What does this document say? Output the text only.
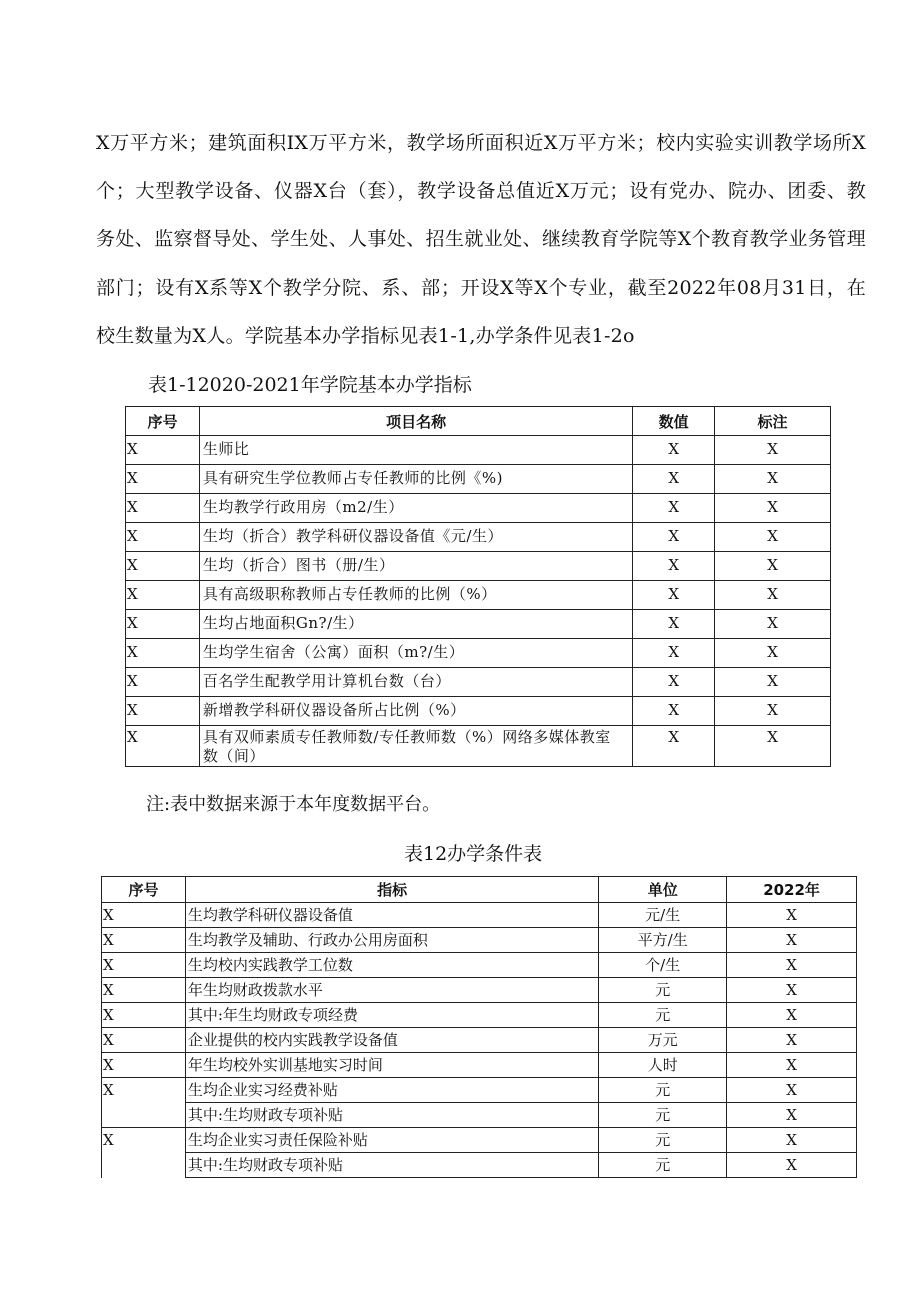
X万平方米；建筑面积IX万平方米，教学场所面积近X万平方米；校内实验实训教学场所X个；大型教学设备、仪器X台（套），教学设备总值近X万元；设有党办、院办、团委、教务处、监察督导处、学生处、人事处、招生就业处、继续教育学院等X个教育教学业务管理部门；设有X系等X个教学分院、系、部；开设X等X个专业，截至2022年08月31日，在校生数量为X人。学院基本办学指标见表1-1,办学条件见表1-2o
表1-12020-2021年学院基本办学指标
序号	项目名称	数值	标注
X	生师比	X	X
X	具有研究生学位教师占专任教师的比例《%)	X	X
X	生均教学行政用房（m2/生）	X	X
X	生均（折合）教学科研仪器设备值《元/生）	X	X
X	生均（折合）图书（册/生）	X	X
X	具有高级职称教师占专任教师的比例（%）	X	X
X	生均占地面积Gn?/生）	X	X
X	生均学生宿舍（公寓）面积（m?/生）	X	X
X	百名学生配教学用计算机台数（台）	X	X
X	新增教学科研仪器设备所占比例（%）	X	X
X	具有双师素质专任教师数/专任教师数（%）网络多媒体教室数（间）	X	X
注:表中数据来源于本年度数据平台。
表12办学条件表
序号	指标	单位	2022年
X	生均教学科研仪器设备值	元/生	X
X	生均教学及辅助、行政办公用房面积	平方/生	X
X	生均校内实践教学工位数	个/生	X
X	年生均财政拨款水平	元	X
X	其中:年生均财政专项经费	元	X
X	企业提供的校内实践教学设备值	万元	X
X	年生均校外实训基地实习时间	人时	X
X	生均企业实习经费补贴	元	X
	其中:生均财政专项补贴	元	X
X	生均企业实习责任保险补贴	元	X
	其中:生均财政专项补贴	元	X
